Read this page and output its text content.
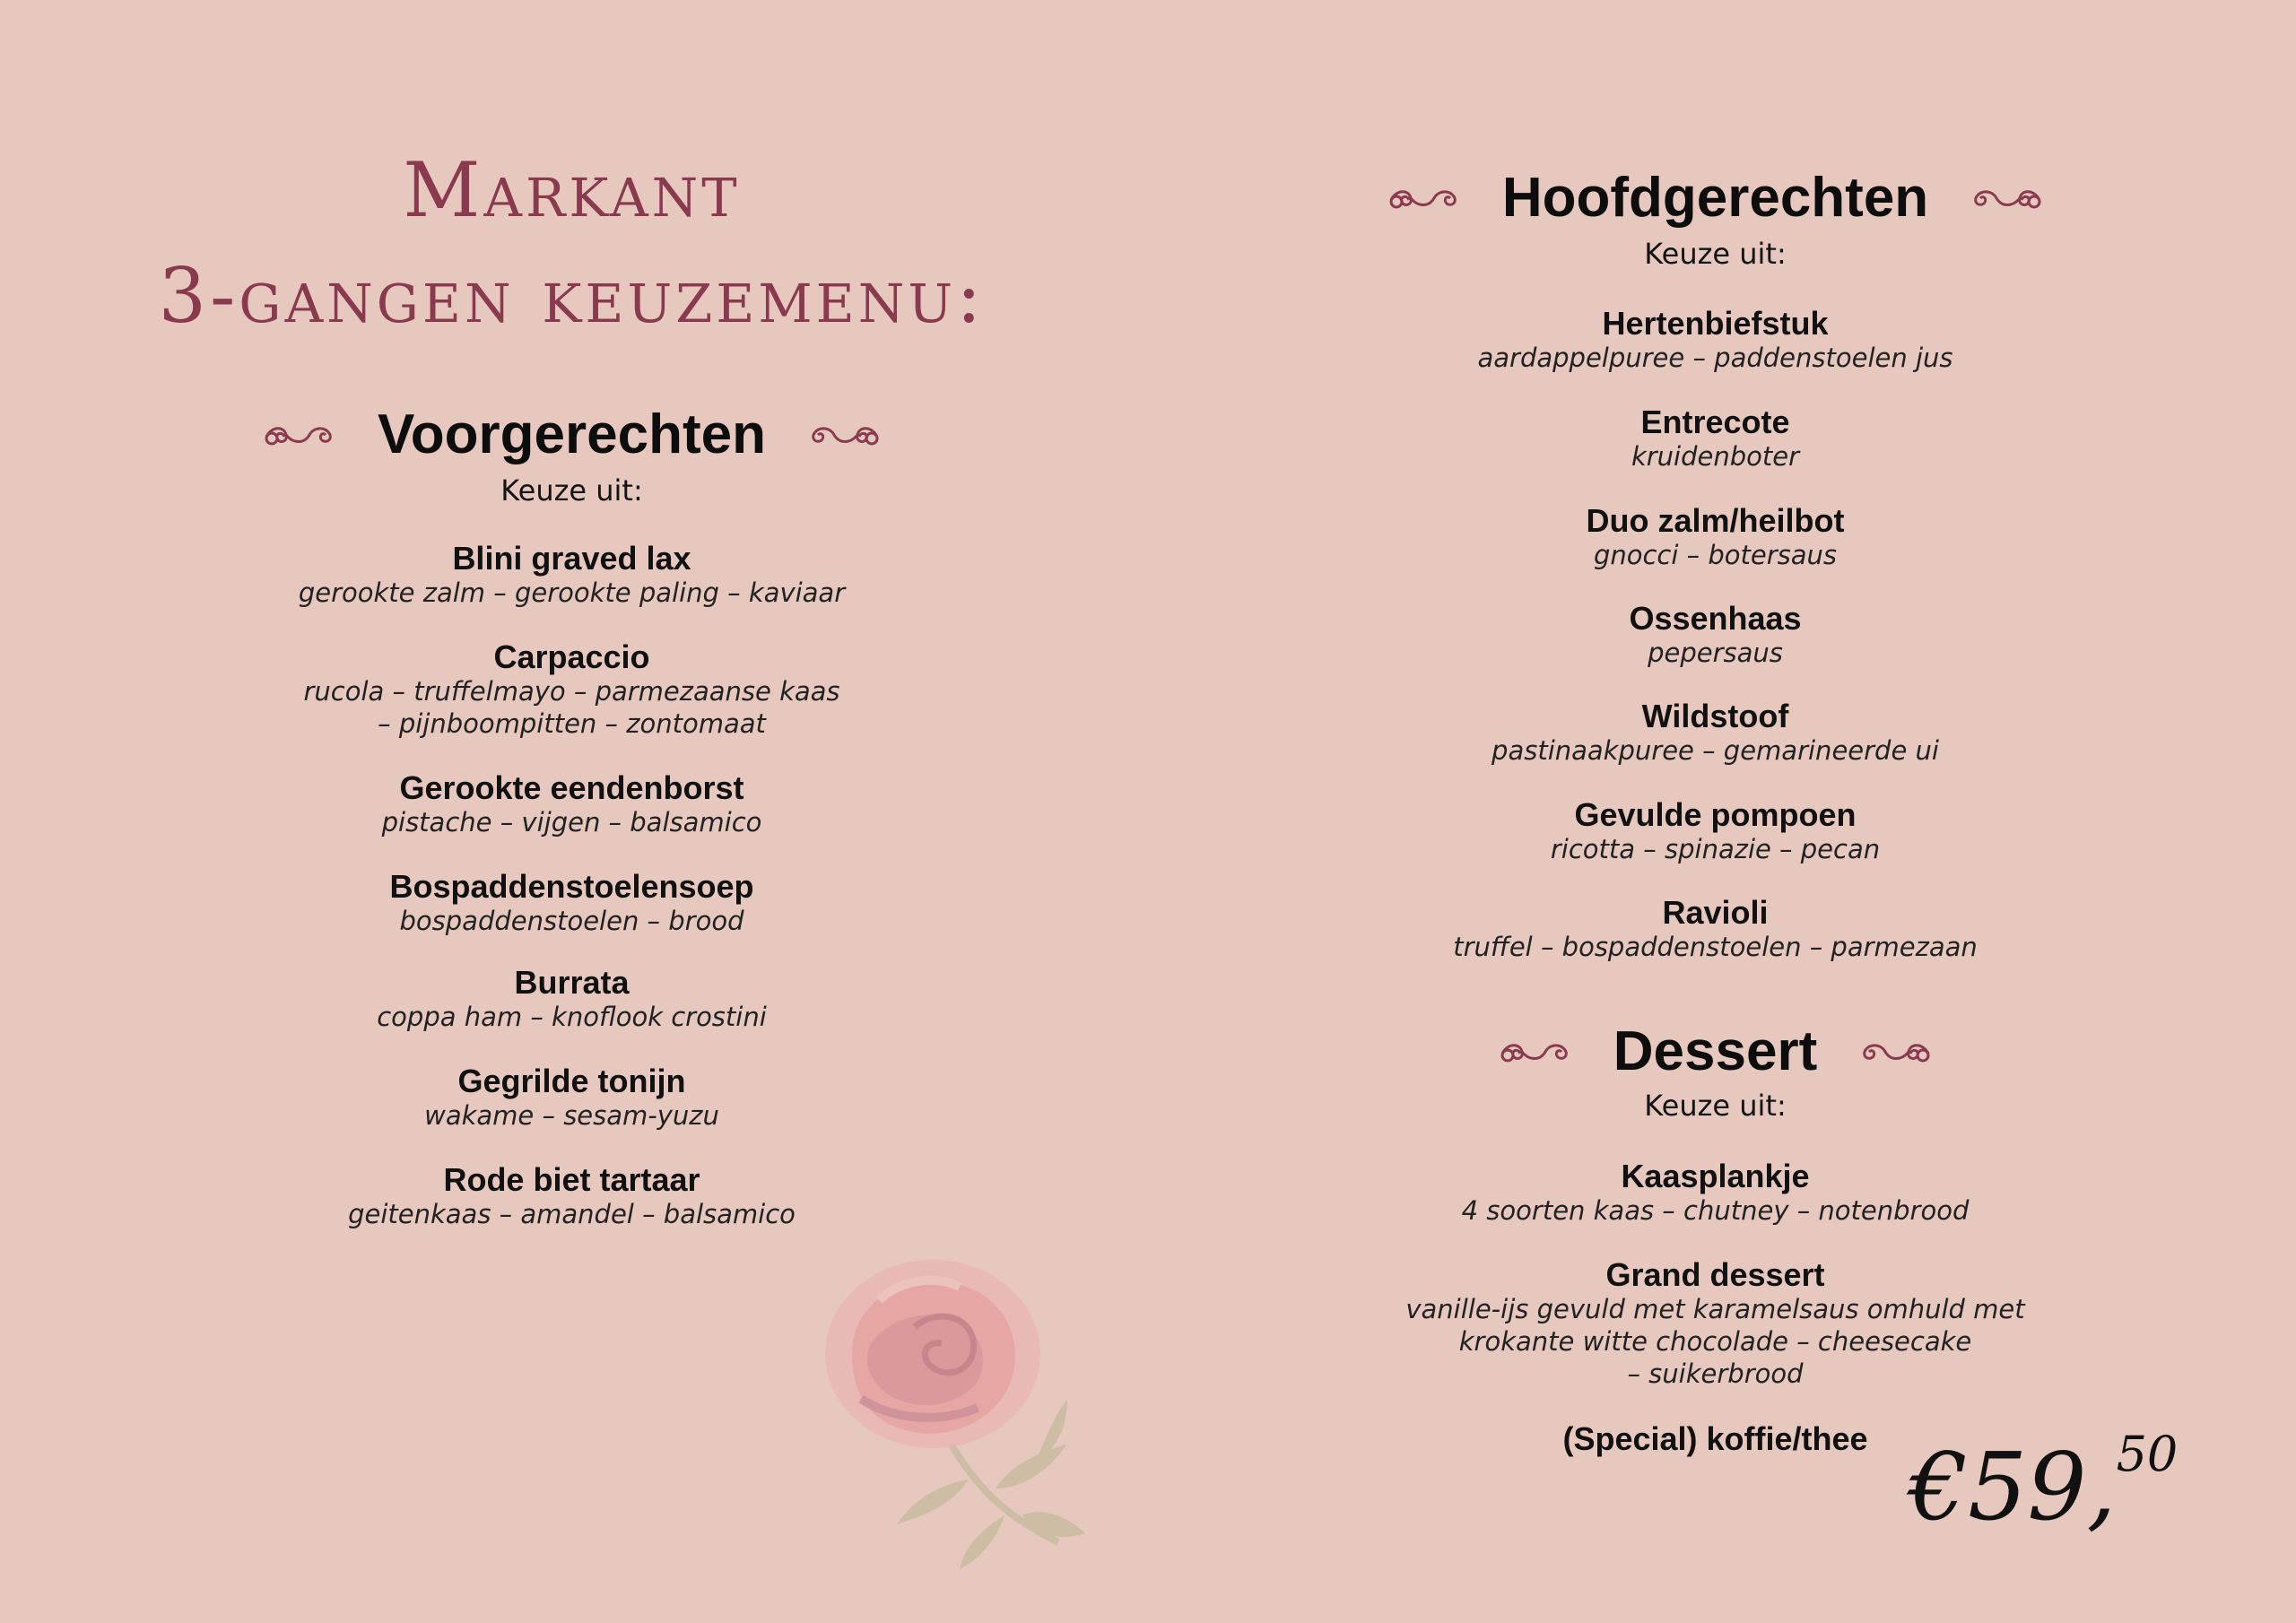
Markant
3-gangen keuzemenu:
Voorgerechten
Keuze uit:
Blini graved lax
gerookte zalm – gerookte paling – kaviaar
Carpaccio
rucola – truffelmayo – parmezaanse kaas
– pijnboompitten – zontomaat
Gerookte eendenborst
pistache – vijgen – balsamico
Bospaddenstoelensoep
bospaddenstoelen – brood
Burrata
coppa ham – knoflook crostini
Gegrilde tonijn
wakame – sesam-yuzu
Rode biet tartaar
geitenkaas – amandel – balsamico
Hoofdgerechten
Keuze uit:
Hertenbiefstuk
aardappelpuree – paddenstoelen jus
Entrecote
kruidenboter
Duo zalm/heilbot
gnocci – botersaus
Ossenhaas
pepersaus
Wildstoof
pastinaakpuree – gemarineerde ui
Gevulde pompoen
ricotta – spinazie – pecan
Ravioli
truffel – bospaddenstoelen – parmezaan
Dessert
Keuze uit:
Kaasplankje
4 soorten kaas – chutney – notenbrood
Grand dessert
vanille-ijs gevuld met karamelsaus omhuld met
krokante witte chocolade – cheesecake
– suikerbrood
(Special) koffie/thee €59,50
